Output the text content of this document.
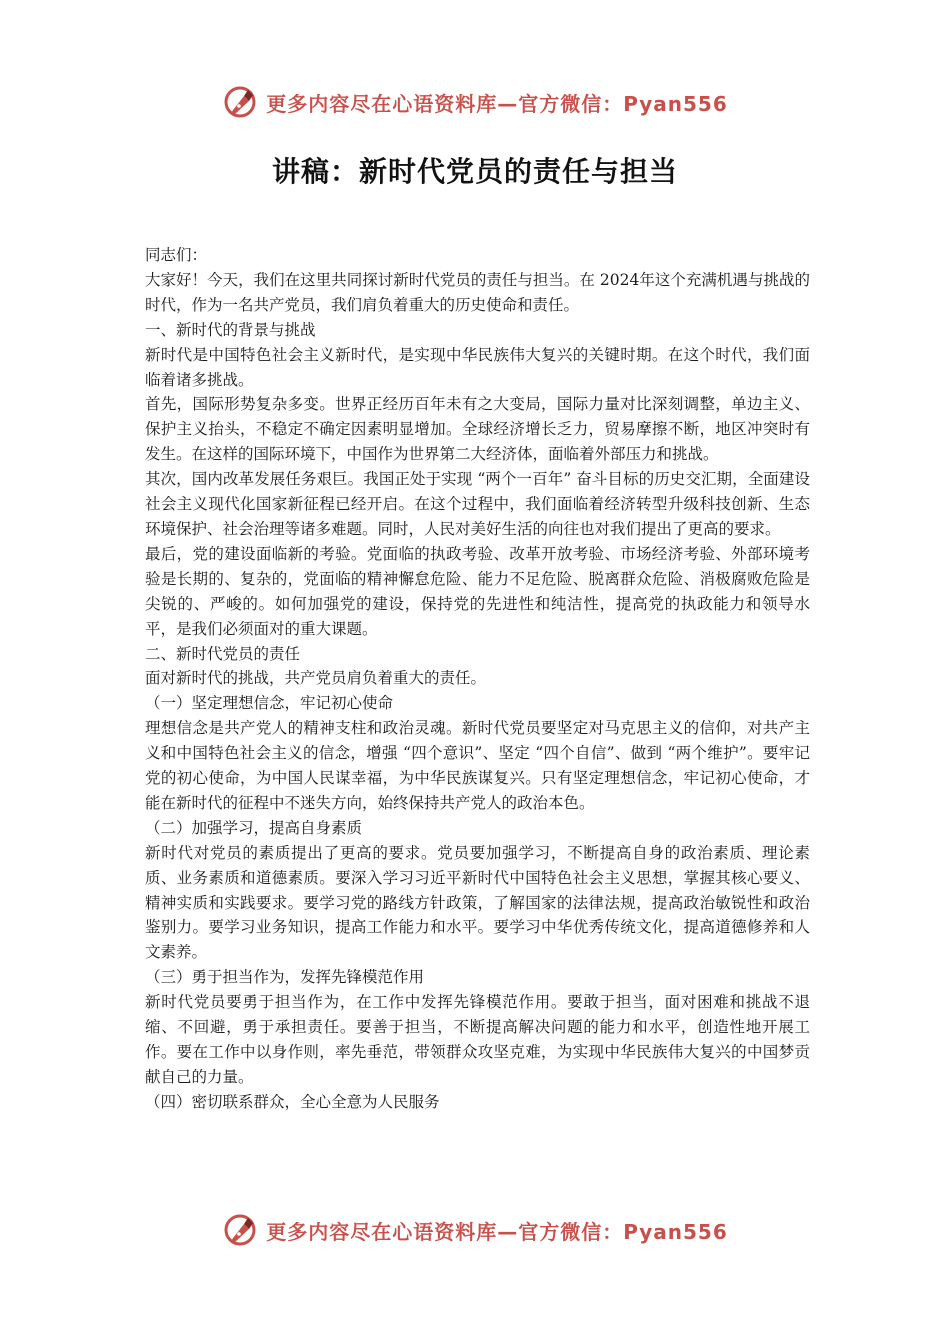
更多内容尽在心语资料库—官方微信：Pyan556
讲稿：新时代党员的责任与担当

同志们：

大家好！今天，我们在这里共同探讨新时代党员的责任与担当。在 2024年这个充满机遇与挑战的时代，作为一名共产党员，我们肩负着重大的历史使命和责任。

一、新时代的背景与挑战

新时代是中国特色社会主义新时代，是实现中华民族伟大复兴的关键时期。在这个时代，我们面临着诸多挑战。

首先，国际形势复杂多变。世界正经历百年未有之大变局，国际力量对比深刻调整，单边主义、保护主义抬头，不稳定不确定因素明显增加。全球经济增长乏力，贸易摩擦不断，地区冲突时有发生。在这样的国际环境下，中国作为世界第二大经济体，面临着外部压力和挑战。

其次，国内改革发展任务艰巨。我国正处于实现 “两个一百年” 奋斗目标的历史交汇期，全面建设社会主义现代化国家新征程已经开启。在这个过程中，我们面临着经济转型升级科技创新、生态环境保护、社会治理等诸多难题。同时，人民对美好生活的向往也对我们提出了更高的要求。

最后，党的建设面临新的考验。党面临的执政考验、改革开放考验、市场经济考验、外部环境考验是长期的、复杂的，党面临的精神懈怠危险、能力不足危险、脱离群众危险、消极腐败危险是尖锐的、严峻的。如何加强党的建设，保持党的先进性和纯洁性，提高党的执政能力和领导水平，是我们必须面对的重大课题。

二、新时代党员的责任

面对新时代的挑战，共产党员肩负着重大的责任。

（一）坚定理想信念，牢记初心使命

理想信念是共产党人的精神支柱和政治灵魂。新时代党员要坚定对马克思主义的信仰，对共产主义和中国特色社会主义的信念，增强 “四个意识”、坚定 “四个自信”、做到 “两个维护”。要牢记党的初心使命，为中国人民谋幸福，为中华民族谋复兴。只有坚定理想信念，牢记初心使命，才能在新时代的征程中不迷失方向，始终保持共产党人的政治本色。

（二）加强学习，提高自身素质

新时代对党员的素质提出了更高的要求。党员要加强学习，不断提高自身的政治素质、理论素质、业务素质和道德素质。要深入学习习近平新时代中国特色社会主义思想，掌握其核心要义、精神实质和实践要求。要学习党的路线方针政策，了解国家的法律法规，提高政治敏锐性和政治鉴别力。要学习业务知识，提高工作能力和水平。要学习中华优秀传统文化，提高道德修养和人文素养。

（三）勇于担当作为，发挥先锋模范作用

新时代党员要勇于担当作为，在工作中发挥先锋模范作用。要敢于担当，面对困难和挑战不退缩、不回避，勇于承担责任。要善于担当，不断提高解决问题的能力和水平，创造性地开展工作。要在工作中以身作则，率先垂范，带领群众攻坚克难，为实现中华民族伟大复兴的中国梦贡献自己的力量。

（四）密切联系群众，全心全意为人民服务

更多内容尽在心语资料库—官方微信：Pyan556
